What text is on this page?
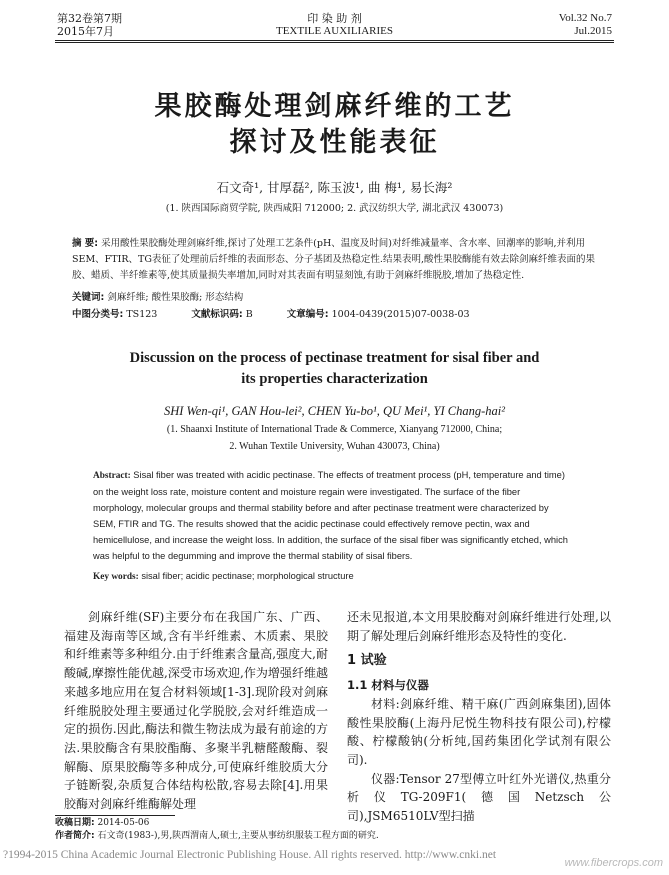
第32卷第7期
2015年7月
印 染 助 剂
TEXTILE AUXILIARIES
Vol.32 No.7
Jul.2015
果胶酶处理剑麻纤维的工艺
探讨及性能表征
石文奇¹, 甘厚磊², 陈玉波¹, 曲 梅¹, 易长海²
(1. 陕西国际商贸学院, 陕西咸阳 712000; 2. 武汉纺织大学, 湖北武汉 430073)
摘 要: 采用酸性果胶酶处理剑麻纤维,探讨了处理工艺条件(pH、温度及时间)对纤维减量率、含水率、回潮率的影响,并利用SEM、FTIR、TG表征了处理前后纤维的表面形态、分子基团及热稳定性.结果表明,酸性果胶酶能有效去除剑麻纤维表面的果胶、蜡质、半纤维素等,使其质量损失率增加,同时对其表面有明显刻蚀,有助于剑麻纤维脱胶,增加了热稳定性.
关键词: 剑麻纤维; 酸性果胶酶; 形态结构
中图分类号: TS123	文献标识码: B	文章编号: 1004-0439(2015)07-0038-03
Discussion on the process of pectinase treatment for sisal fiber and
its properties characterization
SHI Wen-qi¹, GAN Hou-lei², CHEN Yu-bo¹, QU Mei¹, YI Chang-hai²
(1. Shaanxi Institute of International Trade & Commerce, Xianyang 712000, China;
2. Wuhan Textile University, Wuhan 430073, China)
Abstract: Sisal fiber was treated with acidic pectinase. The effects of treatment process (pH, temperature and time) on the weight loss rate, moisture content and moisture regain were investigated. The surface of the fiber morphology, molecular groups and thermal stability before and after pectinase treatment were characterized by SEM, FTIR and TG. The results showed that the acidic pectinase could effectively remove pectin, wax and hemicellulose, and increase the weight loss. In addition, the surface of the sisal fiber was significantly etched, which was helpful to the degumming and improve the thermal stability of sisal fibers.
Key words: sisal fiber; acidic pectinase; morphological structure

剑麻纤维(SF)主要分布在我国广东、广西、福建及海南等区域,含有半纤维素、木质素、果胶和纤维素等多种组分.由于纤维素含量高,强度大,耐酸碱,摩擦性能优越,深受市场欢迎,作为增强纤维越来越多地应用在复合材料领域[1-3].现阶段对剑麻纤维脱胶处理主要通过化学脱胶,会对纤维造成一定的损伤.因此,酶法和微生物法成为最有前途的方法.果胶酶含有果胶酯酶、多聚半乳糖醛酸酶、裂解酶、原果胶酶等多种成分,可使麻纤维胶质大分子链断裂,杂质复合体结构松散,容易去除[4].用果胶酶对剑麻纤维酶解处理

还未见报道,本文用果胶酶对剑麻纤维进行处理,以期了解处理后剑麻纤维形态及特性的变化.

1 试验
1.1 材料与仪器

材料:剑麻纤维、精干麻(广西剑麻集团),固体酸性果胶酶(上海丹尼悦生物科技有限公司),柠檬酸、柠檬酸钠(分析纯,国药集团化学试剂有限公司).

仪器:Tensor 27型傅立叶红外光谱仪,热重分析仪TG-209F1(德国Netzsch公司),JSM6510LV型扫描

收稿日期: 2014-05-06
作者简介: 石文奇(1983-),男,陕西渭南人,硕士,主要从事纺织服装工程方面的研究.
?1994-2015 China Academic Journal Electronic Publishing House. All rights reserved. http://www.cnki.net
www.fibercrops.com
